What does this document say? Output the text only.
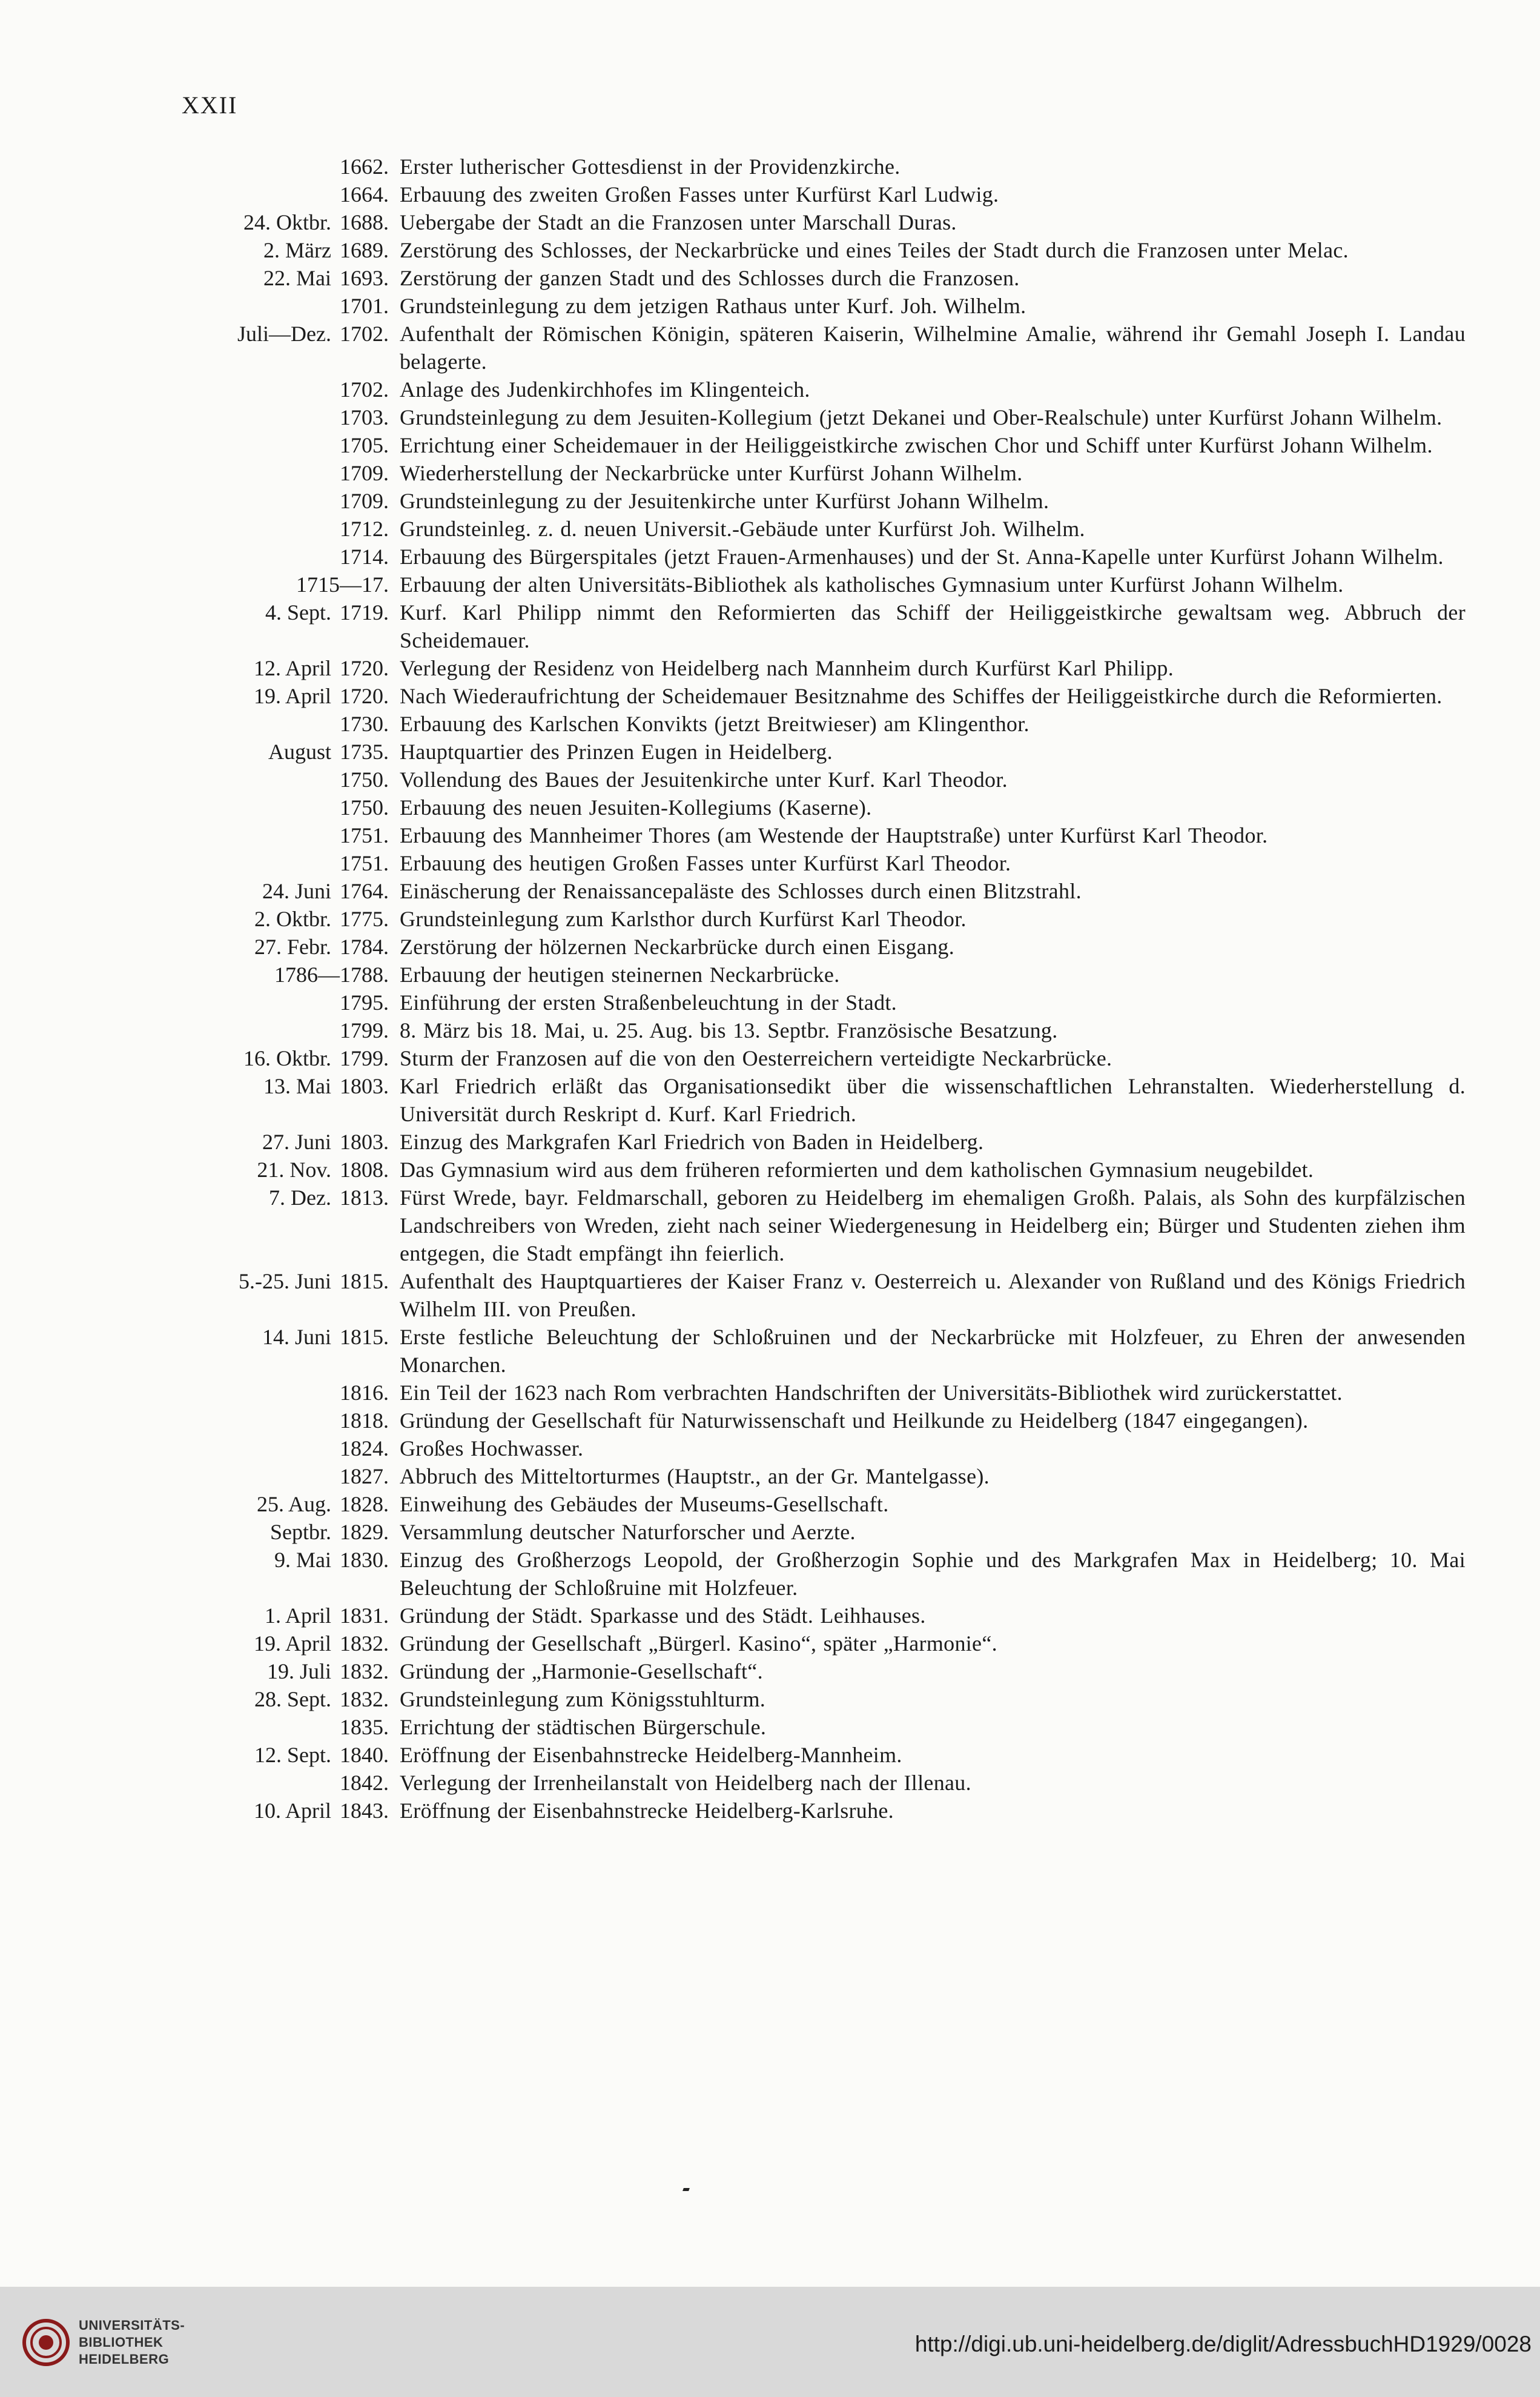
XXII
1662. Erster lutherischer Gottesdienst in der Providenzkirche.
1664. Erbauung des zweiten Großen Fasses unter Kurfürst Karl Ludwig.
24. Oktbr. 1688. Uebergabe der Stadt an die Franzosen unter Marschall Duras.
2. März 1689. Zerstörung des Schlosses, der Neckarbrücke und eines Teiles der Stadt durch die Franzosen unter Melac.
22. Mai 1693. Zerstörung der ganzen Stadt und des Schlosses durch die Franzosen.
1701. Grundsteinlegung zu dem jetzigen Rathaus unter Kurf. Joh. Wilhelm.
Juli—Dez. 1702. Aufenthalt der Römischen Königin, späteren Kaiserin, Wilhelmine Amalie, während ihr Gemahl Joseph I. Landau belagerte.
1702. Anlage des Judenkirchhofes im Klingenteich.
1703. Grundsteinlegung zu dem Jesuiten-Kollegium (jetzt Dekanei und Ober-Realschule) unter Kurfürst Johann Wilhelm.
1705. Errichtung einer Scheidemauer in der Heiliggeistkirche zwischen Chor und Schiff unter Kurfürst Johann Wilhelm.
1709. Wiederherstellung der Neckarbrücke unter Kurfürst Johann Wilhelm.
1709. Grundsteinlegung zu der Jesuitenkirche unter Kurfürst Johann Wilhelm.
1712. Grundsteinleg. z. d. neuen Universit.-Gebäude unter Kurfürst Joh. Wilhelm.
1714. Erbauung des Bürgerspitales (jetzt Frauen-Armenhauses) und der St. Anna-Kapelle unter Kurfürst Johann Wilhelm.
1715—17. Erbauung der alten Universitäts-Bibliothek als katholisches Gymnasium unter Kurfürst Johann Wilhelm.
4. Sept. 1719. Kurf. Karl Philipp nimmt den Reformierten das Schiff der Heiliggeistkirche gewaltsam weg. Abbruch der Scheidemauer.
12. April 1720. Verlegung der Residenz von Heidelberg nach Mannheim durch Kurfürst Karl Philipp.
19. April 1720. Nach Wiederaufrichtung der Scheidemauer Besitznahme des Schiffes der Heiliggeistkirche durch die Reformierten.
1730. Erbauung des Karlschen Konvikts (jetzt Breitwieser) am Klingenthor.
August 1735. Hauptquartier des Prinzen Eugen in Heidelberg.
1750. Vollendung des Baues der Jesuitenkirche unter Kurf. Karl Theodor.
1750. Erbauung des neuen Jesuiten-Kollegiums (Kaserne).
1751. Erbauung des Mannheimer Thores (am Westende der Hauptstraße) unter Kurfürst Karl Theodor.
1751. Erbauung des heutigen Großen Fasses unter Kurfürst Karl Theodor.
24. Juni 1764. Einäscherung der Renaissancepaläste des Schlosses durch einen Blitzstrahl.
2. Oktbr. 1775. Grundsteinlegung zum Karlsthor durch Kurfürst Karl Theodor.
27. Febr. 1784. Zerstörung der hölzernen Neckarbrücke durch einen Eisgang.
1786—1788. Erbauung der heutigen steinernen Neckarbrücke.
1795. Einführung der ersten Straßenbeleuchtung in der Stadt.
1799. 8. März bis 18. Mai, u. 25. Aug. bis 13. Septbr. Französische Besatzung.
16. Oktbr. 1799. Sturm der Franzosen auf die von den Oesterreichern verteidigte Neckarbrücke.
13. Mai 1803. Karl Friedrich erläßt das Organisationsedikt über die wissenschaftlichen Lehranstalten. Wiederherstellung d. Universität durch Reskript d. Kurf. Karl Friedrich.
27. Juni 1803. Einzug des Markgrafen Karl Friedrich von Baden in Heidelberg.
21. Nov. 1808. Das Gymnasium wird aus dem früheren reformierten und dem katholischen Gymnasium neugebildet.
7. Dez. 1813. Fürst Wrede, bayr. Feldmarschall, geboren zu Heidelberg im ehemaligen Großh. Palais, als Sohn des kurpfälzischen Landschreibers von Wreden, zieht nach seiner Wiedergenesung in Heidelberg ein; Bürger und Studenten ziehen ihm entgegen, die Stadt empfängt ihn feierlich.
5.-25. Juni 1815. Aufenthalt des Hauptquartieres der Kaiser Franz v. Oesterreich u. Alexander von Rußland und des Königs Friedrich Wilhelm III. von Preußen.
14. Juni 1815. Erste festliche Beleuchtung der Schloßruinen und der Neckarbrücke mit Holzfeuer, zu Ehren der anwesenden Monarchen.
1816. Ein Teil der 1623 nach Rom verbrachten Handschriften der Universitäts-Bibliothek wird zurückerstattet.
1818. Gründung der Gesellschaft für Naturwissenschaft und Heilkunde zu Heidelberg (1847 eingegangen).
1824. Großes Hochwasser.
1827. Abbruch des Mitteltorturmes (Hauptstr., an der Gr. Mantelgasse).
25. Aug. 1828. Einweihung des Gebäudes der Museums-Gesellschaft.
Septbr. 1829. Versammlung deutscher Naturforscher und Aerzte.
9. Mai 1830. Einzug des Großherzogs Leopold, der Großherzogin Sophie und des Markgrafen Max in Heidelberg; 10. Mai Beleuchtung der Schloßruine mit Holzfeuer.
1. April 1831. Gründung der Städt. Sparkasse und des Städt. Leihhauses.
19. April 1832. Gründung der Gesellschaft „Bürgerl. Kasino“, später „Harmonie“.
19. Juli 1832. Gründung der „Harmonie-Gesellschaft“.
28. Sept. 1832. Grundsteinlegung zum Königsstuhlturm.
1835. Errichtung der städtischen Bürgerschule.
12. Sept. 1840. Eröffnung der Eisenbahnstrecke Heidelberg-Mannheim.
1842. Verlegung der Irrenheilanstalt von Heidelberg nach der Illenau.
10. April 1843. Eröffnung der Eisenbahnstrecke Heidelberg-Karlsruhe.
UNIVERSITÄTS-
BIBLIOTHEK
HEIDELBERG
http://digi.ub.uni-heidelberg.de/diglit/AdressbuchHD1929/0028
